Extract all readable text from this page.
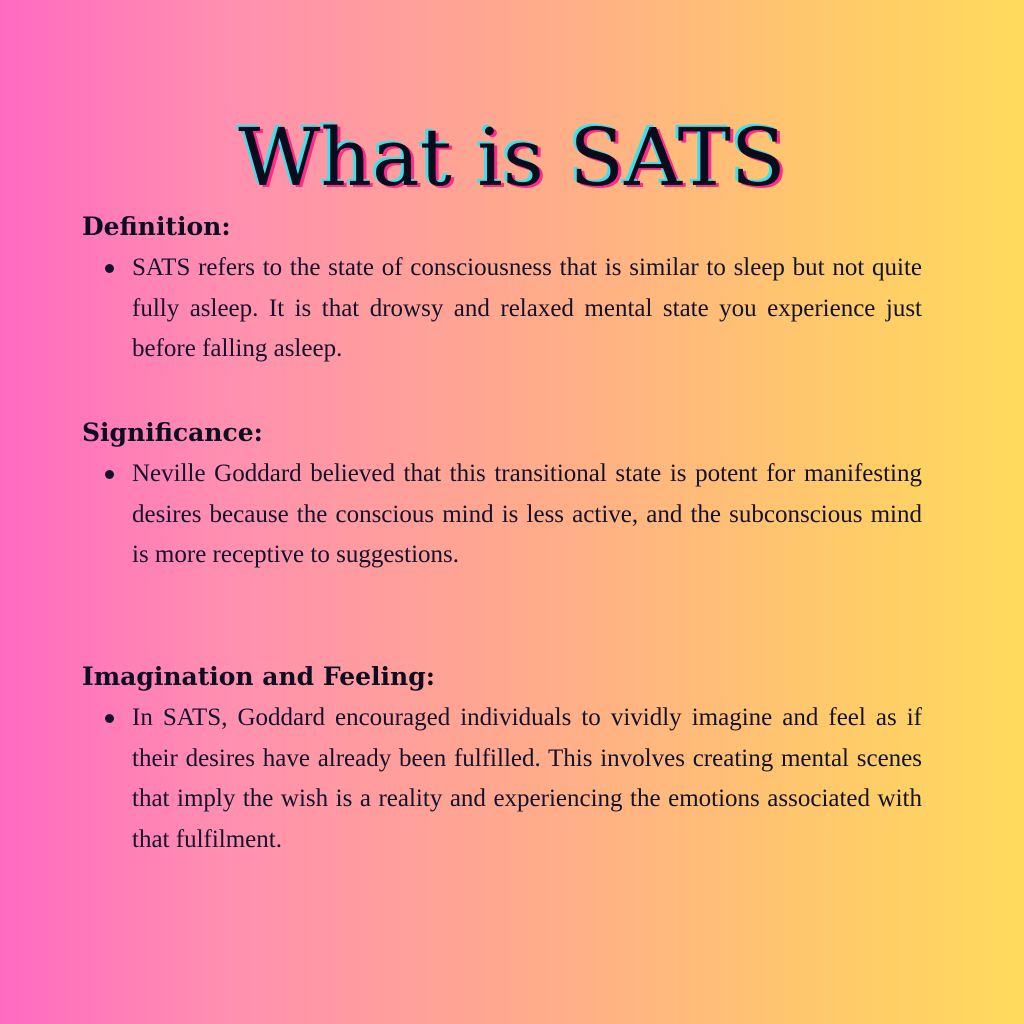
What is SATS

Definition:

SATS refers to the state of consciousness that is similar to sleep but not quite fully asleep. It is that drowsy and relaxed mental state you experience just before falling asleep.

Significance:

Neville Goddard believed that this transitional state is potent for manifesting desires because the conscious mind is less active, and the subconscious mind is more receptive to suggestions.

Imagination and Feeling:

In SATS, Goddard encouraged individuals to vividly imagine and feel as if their desires have already been fulfilled. This involves creating mental scenes that imply the wish is a reality and experiencing the emotions associated with that fulfilment.
